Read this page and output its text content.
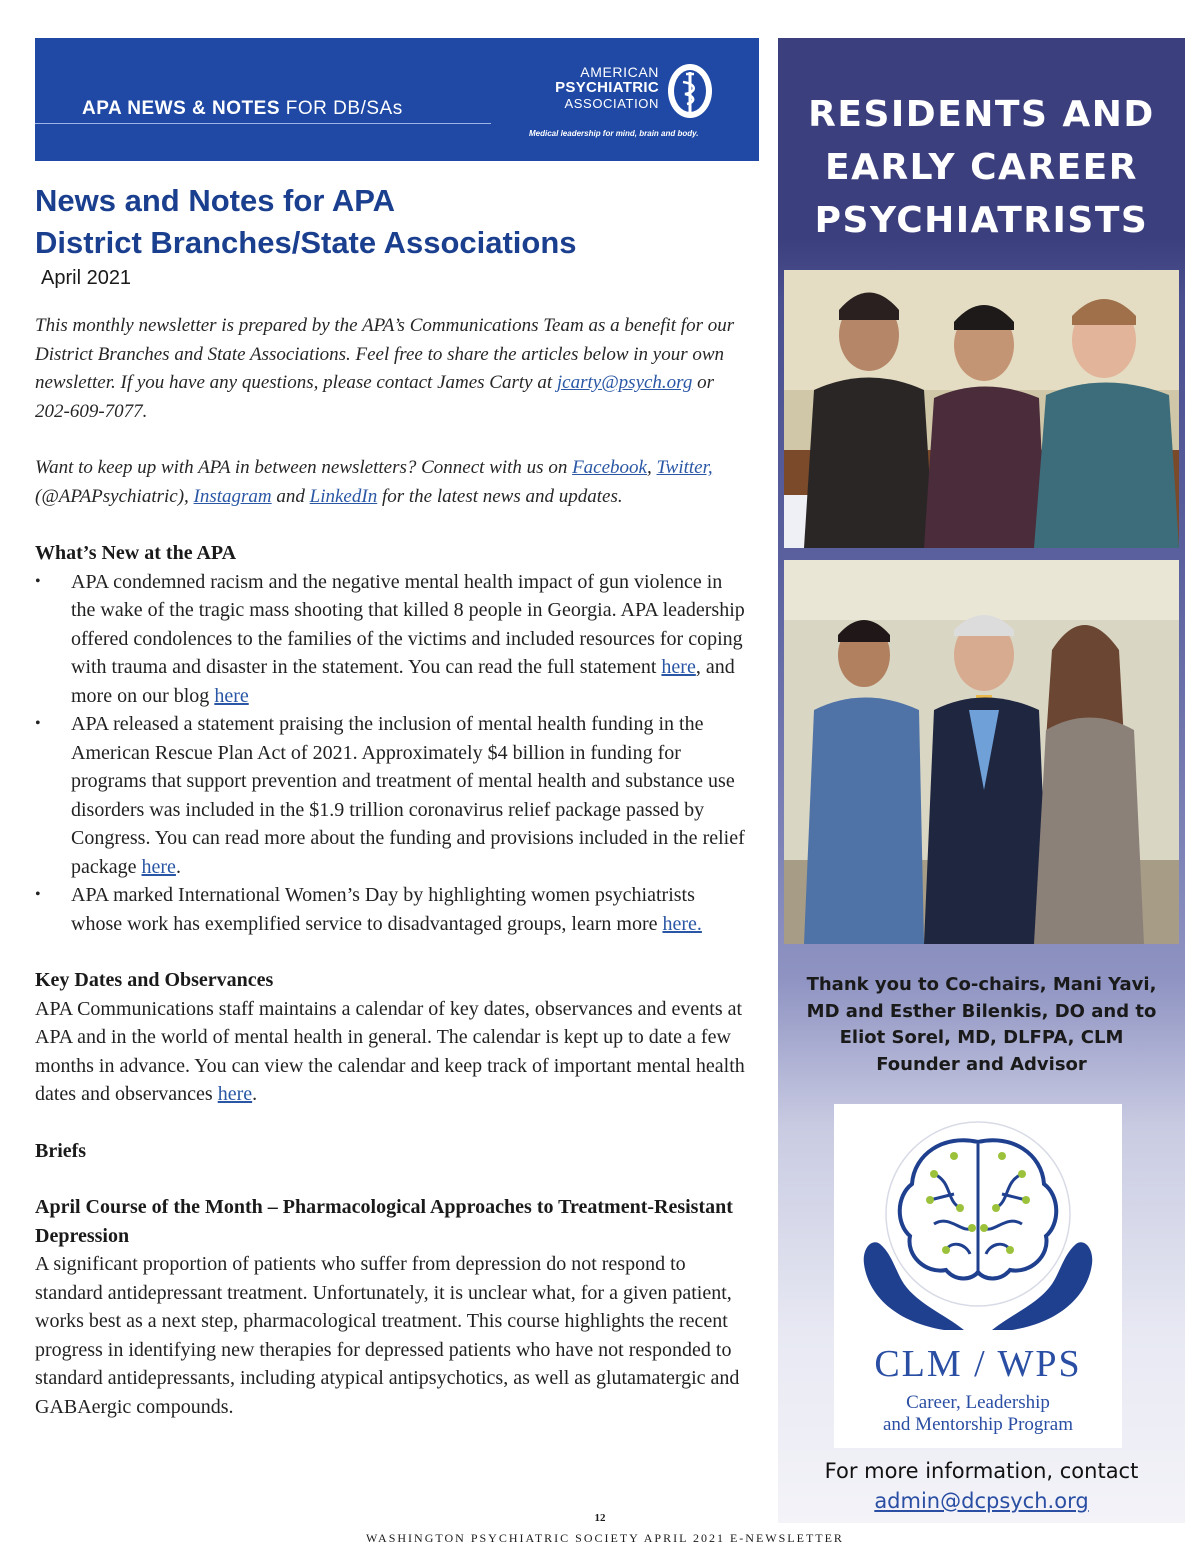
APA NEWS & NOTES FOR DB/SAs
AMERICAN
PSYCHIATRIC
ASSOCIATION
Medical leadership for mind, brain and body.
News and Notes for APA
District Branches/State Associations
April 2021

This monthly newsletter is prepared by the APA’s Communications Team as a benefit for our District Branches and State Associations. Feel free to share the articles below in your own newsletter. If you have any questions, please contact James Carty at jcarty@psych.org or 202-609-7077.

Want to keep up with APA in between newsletters? Connect with us on Facebook, Twitter, (@APAPsychiatric), Instagram and LinkedIn for the latest news and updates.

What’s New at the APA
• APA condemned racism and the negative mental health impact of gun violence in the wake of the tragic mass shooting that killed 8 people in Georgia. APA leadership offered condolences to the families of the victims and included resources for coping with trauma and disaster in the statement. You can read the full statement here, and more on our blog here
• APA released a statement praising the inclusion of mental health funding in the American Rescue Plan Act of 2021. Approximately $4 billion in funding for programs that support prevention and treatment of mental health and substance use disorders was included in the $1.9 trillion coronavirus relief package passed by Congress. You can read more about the funding and provisions included in the relief package here.
• APA marked International Women’s Day by highlighting women psychiatrists whose work has exemplified service to disadvantaged groups, learn more here.
Key Dates and Observances

APA Communications staff maintains a calendar of key dates, observances and events at APA and in the world of mental health in general. The calendar is kept up to date a few months in advance. You can view the calendar and keep track of important mental health dates and observances here.

Briefs
April Course of the Month – Pharmacological Approaches to Treatment-Resistant Depression

A significant proportion of patients who suffer from depression do not respond to standard antidepressant treatment. Unfortunately, it is unclear what, for a given patient, works best as a next step, pharmacological treatment. This course highlights the recent progress in identifying new therapies for depressed patients who have not responded to standard antidepressants, including atypical antipsychotics, as well as glutamatergic and GABAergic compounds.

RESIDENTS AND
EARLY CAREER
PSYCHIATRISTS
Thank you to Co-chairs, Mani Yavi, MD and Esther Bilenkis, DO and to Eliot Sorel, MD, DLFPA, CLM Founder and Advisor
CLM / WPS
Career, Leadership
and Mentorship Program
For more information, contact
admin@dcpsych.org
12
WASHINGTON PSYCHIATRIC SOCIETY APRIL 2021 E-NEWSLETTER
